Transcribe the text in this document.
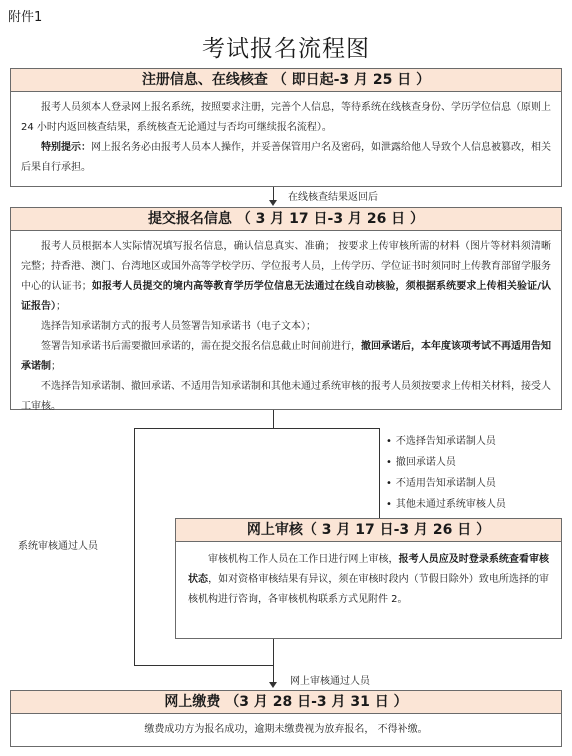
附件1
考试报名流程图
注册信息、在线核查 （ 即日起-3 月 25 日 ）

报考人员须本人登录网上报名系统，按照要求注册，完善个人信息，等待系统在线核查身份、学历学位信息（原则上 24 小时内返回核查结果，系统核查无论通过与否均可继续报名流程）。

特别提示：网上报名务必由报考人员本人操作，并妥善保管用户名及密码，如泄露给他人导致个人信息被篡改，相关后果自行承担。

在线核查结果返回后
提交报名信息 （ 3 月 17 日-3 月 26 日 ）

报考人员根据本人实际情况填写报名信息，确认信息真实、准确； 按要求上传审核所需的材料（图片等材料须清晰完整；持香港、澳门、台湾地区或国外高等学校学历、学位报考人员，上传学历、学位证书时须同时上传教育部留学服务中心的认证书；如报考人员提交的境内高等教育学历学位信息无法通过在线自动核验，须根据系统要求上传相关验证/认证报告）；

选择告知承诺制方式的报考人员签署告知承诺书（电子文本）；

签署告知承诺书后需要撤回承诺的，需在提交报名信息截止时间前进行，撤回承诺后，本年度该项考试不再适用告知承诺制；

不选择告知承诺制、撤回承诺、不适用告知承诺制和其他未通过系统审核的报考人员须按要求上传相关材料，接受人工审核。

• 不选择告知承诺制人员
• 撤回承诺人员
• 不适用告知承诺制人员
• 其他未通过系统审核人员
系统审核通过人员
网上审核（ 3 月 17 日-3 月 26 日 ）

审核机构工作人员在工作日进行网上审核，报考人员应及时登录系统查看审核状态，如对资格审核结果有异议，须在审核时段内（节假日除外）致电所选择的审核机构进行咨询，各审核机构联系方式见附件 2。

网上审核通过人员
网上缴费 （3 月 28 日-3 月 31 日 ）

缴费成功方为报名成功，逾期未缴费视为放弃报名， 不得补缴。
